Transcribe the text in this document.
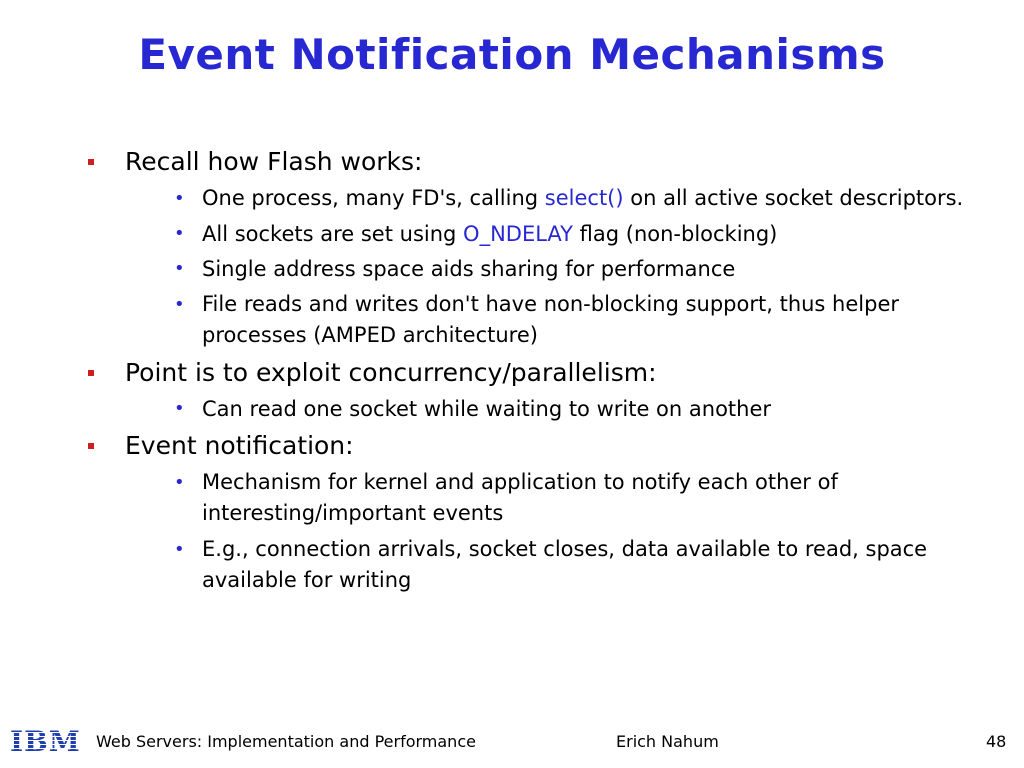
Event Notification Mechanisms
Recall how Flash works:
• One process, many FD's, calling select() on all active socket descriptors.
• All sockets are set using O_NDELAY flag (non-blocking)
• Single address space aids sharing for performance
• File reads and writes don't have non-blocking support, thus helper processes (AMPED architecture)
Point is to exploit concurrency/parallelism:
• Can read one socket while waiting to write on another
Event notification:
• Mechanism for kernel and application to notify each other of interesting/important events
• E.g., connection arrivals, socket closes, data available to read, space available for writing
IBM Web Servers: Implementation and Performance	Erich Nahum	48
